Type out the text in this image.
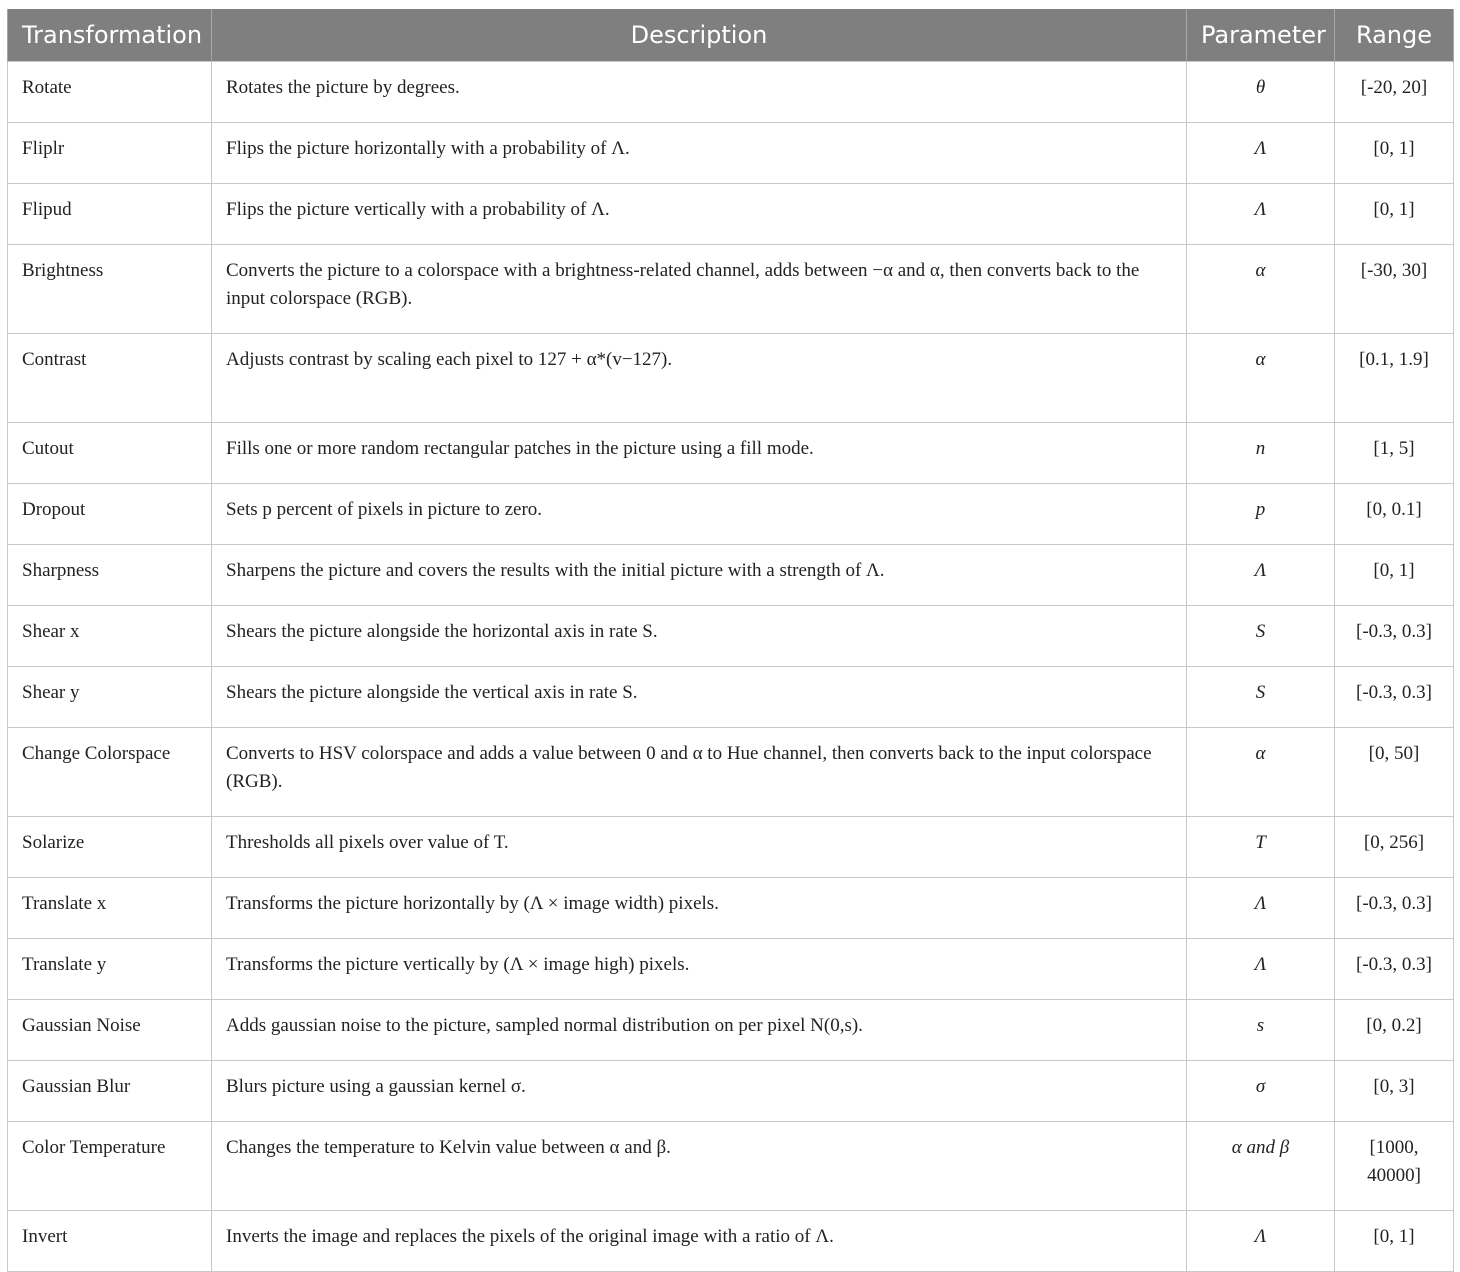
Transformation	Description	Parameter	Range
Rotate	Rotates the picture by degrees.	θ	[-20, 20]
Fliplr	Flips the picture horizontally with a probability of Λ.	Λ	[0, 1]
Flipud	Flips the picture vertically with a probability of Λ.	Λ	[0, 1]
Brightness	Converts the picture to a colorspace with a brightness-related channel, adds between −α and α, then converts back to the input colorspace (RGB).	α	[-30, 30]
Contrast	Adjusts contrast by scaling each pixel to 127 + α*(v−127).	α	[0.1, 1.9]
Cutout	Fills one or more random rectangular patches in the picture using a fill mode.	n	[1, 5]
Dropout	Sets p percent of pixels in picture to zero.	p	[0, 0.1]
Sharpness	Sharpens the picture and covers the results with the initial picture with a strength of Λ.	Λ	[0, 1]
Shear x	Shears the picture alongside the horizontal axis in rate S.	S	[-0.3, 0.3]
Shear y	Shears the picture alongside the vertical axis in rate S.	S	[-0.3, 0.3]
Change Colorspace	Converts to HSV colorspace and adds a value between 0 and α to Hue channel, then converts back to the input colorspace (RGB).	α	[0, 50]
Solarize	Thresholds all pixels over value of T.	T	[0, 256]
Translate x	Transforms the picture horizontally by (Λ × image width) pixels.	Λ	[-0.3, 0.3]
Translate y	Transforms the picture vertically by (Λ × image high) pixels.	Λ	[-0.3, 0.3]
Gaussian Noise	Adds gaussian noise to the picture, sampled normal distribution on per pixel N(0,s).	s	[0, 0.2]
Gaussian Blur	Blurs picture using a gaussian kernel σ.	σ	[0, 3]
Color Temperature	Changes the temperature to Kelvin value between α and β.	α and β	[1000, 40000]
Invert	Inverts the image and replaces the pixels of the original image with a ratio of Λ.	Λ	[0, 1]
